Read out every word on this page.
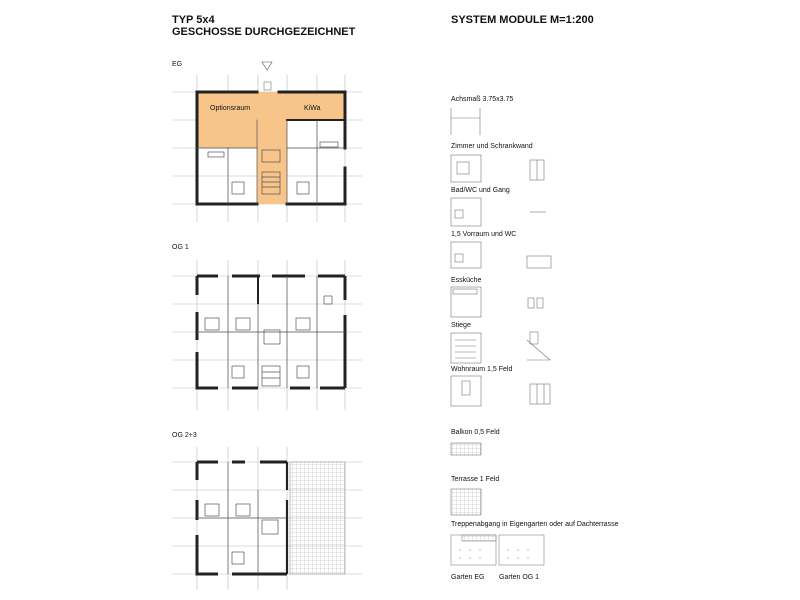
TYP 5x4
GESCHOSSE DURCHGEZEICHNET
SYSTEM MODULE M=1:200
EG
OG 1
OG 2+3
Optionsraum	KiWa
Achsmaß 3.75x3.75
Zimmer und Schrankwand
Bad/WC und Gang
1,5 Vorraum und WC
Essküche
Stiege
Wohnraum 1,5 Feld
Balkon 0,5 Feld
Terrasse 1 Feld
Treppenabgang in Eigengarten oder auf Dachterrasse
Garten EG Garten OG 1
